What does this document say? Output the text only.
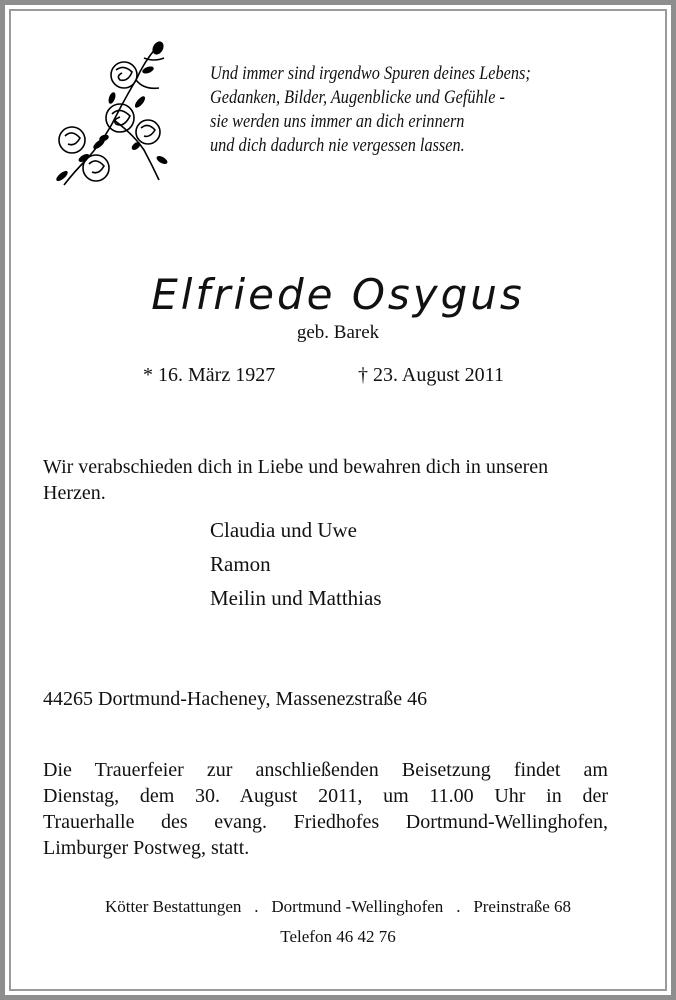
Und immer sind irgendwo Spuren deines Lebens;
Gedanken, Bilder, Augenblicke und Gefühle -
sie werden uns immer an dich erinnern
und dich dadurch nie vergessen lassen.
Elfriede Osygus
geb. Barek
* 16. März 1927	† 23. August 2011
Wir verabschieden dich in Liebe und bewahren dich in unseren Herzen.
Claudia und Uwe
Ramon
Meilin und Matthias
44265 Dortmund-Hacheney, Massenezstraße 46
Die Trauerfeier zur anschließenden Beisetzung findet am
Dienstag, dem 30. August 2011, um 11.00 Uhr in der
Trauerhalle des evang. Friedhofes Dortmund-Wellinghofen,
Limburger Postweg, statt.
Kötter Bestattungen . Dortmund -Wellinghofen . Preinstraße 68
Telefon 46 42 76
